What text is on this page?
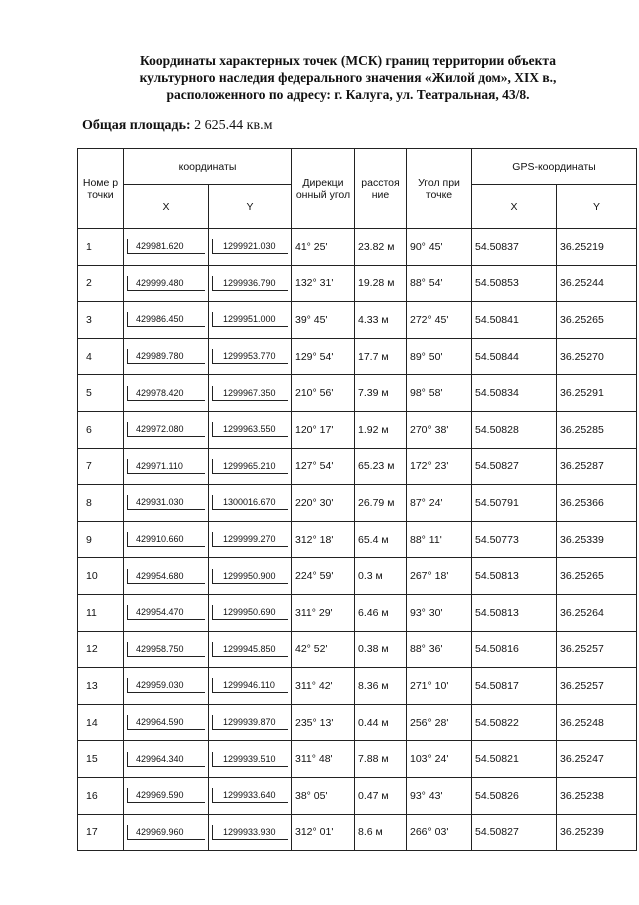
Координаты характерных точек (МСК) границ территории объекта
культурного наследия федерального значения «Жилой дом», XIX в.,
расположенного по адресу: г. Калуга, ул. Театральная, 43/8.
Общая площадь: 2 625.44 кв.м
Номе р точки	координаты		Дирекци онный угол	расстоя ние	Угол при точке	GPS-координаты	
	X	Y				X	Y
1	429981.620	1299921.030	41° 25'	23.82 м	90° 45'	54.50837	36.25219
2	429999.480	1299936.790	132° 31'	19.28 м	88° 54'	54.50853	36.25244
3	429986.450	1299951.000	39° 45'	4.33 м	272° 45'	54.50841	36.25265
4	429989.780	1299953.770	129° 54'	17.7 м	89° 50'	54.50844	36.25270
5	429978.420	1299967.350	210° 56'	7.39 м	98° 58'	54.50834	36.25291
6	429972.080	1299963.550	120° 17'	1.92 м	270° 38'	54.50828	36.25285
7	429971.110	1299965.210	127° 54'	65.23 м	172° 23'	54.50827	36.25287
8	429931.030	1300016.670	220° 30'	26.79 м	87° 24'	54.50791	36.25366
9	429910.660	1299999.270	312° 18'	65.4 м	88° 11'	54.50773	36.25339
10	429954.680	1299950.900	224° 59'	0.3 м	267° 18'	54.50813	36.25265
11	429954.470	1299950.690	311° 29'	6.46 м	93° 30'	54.50813	36.25264
12	429958.750	1299945.850	42° 52'	0.38 м	88° 36'	54.50816	36.25257
13	429959.030	1299946.110	311° 42'	8.36 м	271° 10'	54.50817	36.25257
14	429964.590	1299939.870	235° 13'	0.44 м	256° 28'	54.50822	36.25248
15	429964.340	1299939.510	311° 48'	7.88 м	103° 24'	54.50821	36.25247
16	429969.590	1299933.640	38° 05'	0.47 м	93° 43'	54.50826	36.25238
17	429969.960	1299933.930	312° 01'	8.6 м	266° 03'	54.50827	36.25239
